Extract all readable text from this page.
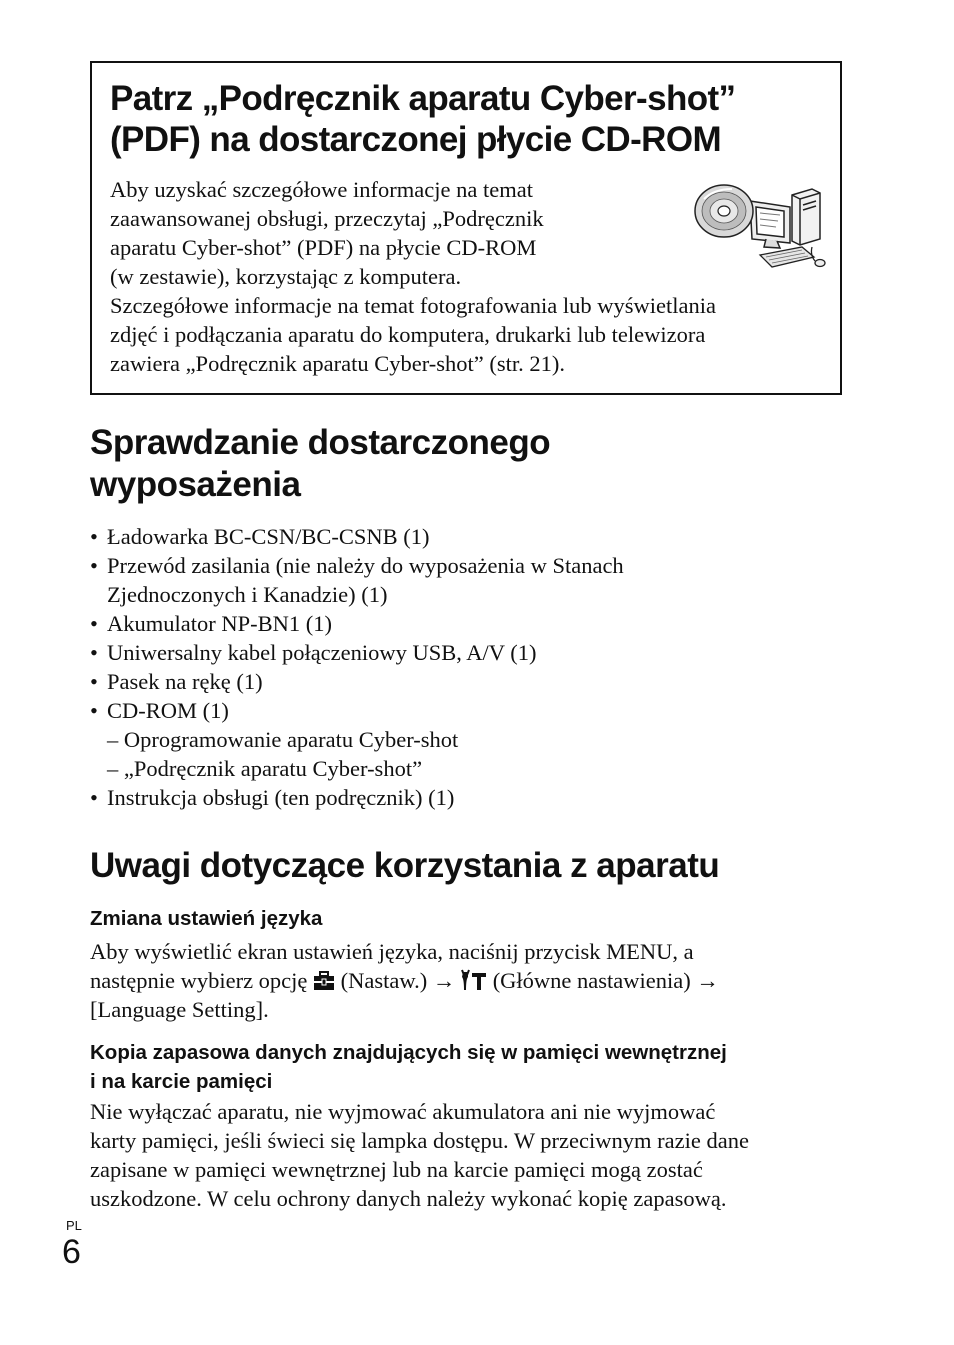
Patrz „Podręcznik aparatu Cyber-shot”
(PDF) na dostarczonej płycie CD-ROM

Aby uzyskać szczegółowe informacje na temat
zaawansowanej obsługi, przeczytaj „Podręcznik
aparatu Cyber-shot” (PDF) na płycie CD-ROM
(w zestawie), korzystając z komputera.

Szczegółowe informacje na temat fotografowania lub wyświetlania
zdjęć i podłączania aparatu do komputera, drukarki lub telewizora
zawiera „Podręcznik aparatu Cyber-shot” (str. 21).

Sprawdzanie dostarczonego
wyposażenia
• Ładowarka BC-CSN/BC-CSNB (1)
• Przewód zasilania (nie należy do wyposażenia w Stanach
Zjednoczonych i Kanadzie) (1)
• Akumulator NP-BN1 (1)
• Uniwersalny kabel połączeniowy USB, A/V (1)
• Pasek na rękę (1)
• CD-ROM (1)
– Oprogramowanie aparatu Cyber-shot
– „Podręcznik aparatu Cyber-shot”
• Instrukcja obsługi (ten podręcznik) (1)
Uwagi dotyczące korzystania z aparatu
Zmiana ustawień języka

Aby wyświetlić ekran ustawień języka, naciśnij przycisk MENU, a
następnie wybierz opcję  (Nastaw.) →  (Główne nastawienia) →
[Language Setting].

Kopia zapasowa danych znajdujących się w pamięci wewnętrznej
i na karcie pamięci

Nie wyłączać aparatu, nie wyjmować akumulatora ani nie wyjmować
karty pamięci, jeśli świeci się lampka dostępu. W przeciwnym razie dane
zapisane w pamięci wewnętrznej lub na karcie pamięci mogą zostać
uszkodzone. W celu ochrony danych należy wykonać kopię zapasową.

PL
6
